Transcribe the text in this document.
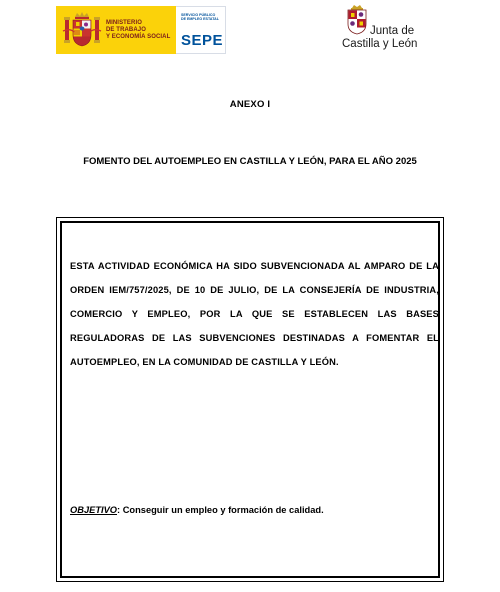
MINISTERIO
DE TRABAJO
Y ECONOMÍA SOCIAL
SERVICIO PÚBLICO
DE EMPLEO ESTATAL
SEPE
Junta de
Castilla y León
ANEXO I
FOMENTO DEL AUTOEMPLEO EN CASTILLA Y LEÓN, PARA EL AÑO 2025
ESTA ACTIVIDAD ECONÓMICA HA SIDO SUBVENCIONADA AL AMPARO DE LA ORDEN IEM/757/2025, DE 10 DE JULIO, DE LA CONSEJERÍA DE INDUSTRIA, COMERCIO Y EMPLEO, POR LA QUE SE ESTABLECEN LAS BASES REGULADORAS DE LAS SUBVENCIONES DESTINADAS A FOMENTAR EL AUTOEMPLEO, EN LA COMUNIDAD DE CASTILLA Y LEÓN.
OBJETIVO: Conseguir un empleo y formación de calidad.
